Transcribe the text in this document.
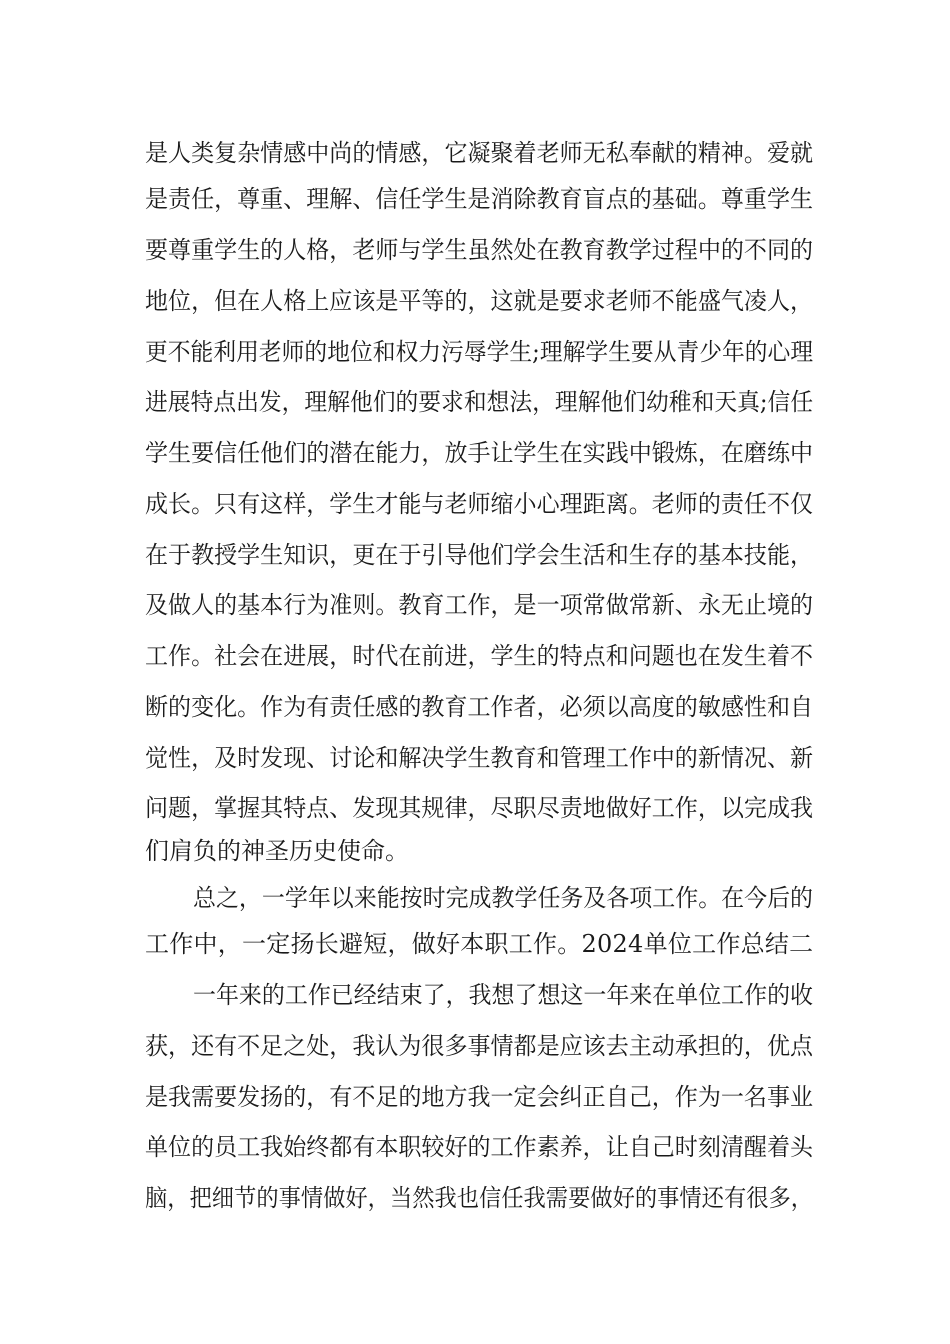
是人类复杂情感中尚的情感，它凝聚着老师无私奉献的精神。爱就
是责任，尊重、理解、信任学生是消除教育盲点的基础。尊重学生
要尊重学生的人格，老师与学生虽然处在教育教学过程中的不同的
地位，但在人格上应该是平等的，这就是要求老师不能盛气凌人，
更不能利用老师的地位和权力污辱学生;理解学生要从青少年的心理
进展特点出发，理解他们的要求和想法，理解他们幼稚和天真;信任
学生要信任他们的潜在能力，放手让学生在实践中锻炼，在磨练中
成长。只有这样，学生才能与老师缩小心理距离。老师的责任不仅
在于教授学生知识，更在于引导他们学会生活和生存的基本技能，
及做人的基本行为准则。教育工作，是一项常做常新、永无止境的
工作。社会在进展，时代在前进，学生的特点和问题也在发生着不
断的变化。作为有责任感的教育工作者，必须以高度的敏感性和自
觉性，及时发现、讨论和解决学生教育和管理工作中的新情况、新
问题，掌握其特点、发现其规律，尽职尽责地做好工作，以完成我
们肩负的神圣历史使命。
总之，一学年以来能按时完成教学任务及各项工作。在今后的
工作中，一定扬长避短，做好本职工作。2024单位工作总结二
一年来的工作已经结束了，我想了想这一年来在单位工作的收
获，还有不足之处，我认为很多事情都是应该去主动承担的，优点
是我需要发扬的，有不足的地方我一定会纠正自己，作为一名事业
单位的员工我始终都有本职较好的工作素养，让自己时刻清醒着头
脑，把细节的事情做好，当然我也信任我需要做好的事情还有很多，
